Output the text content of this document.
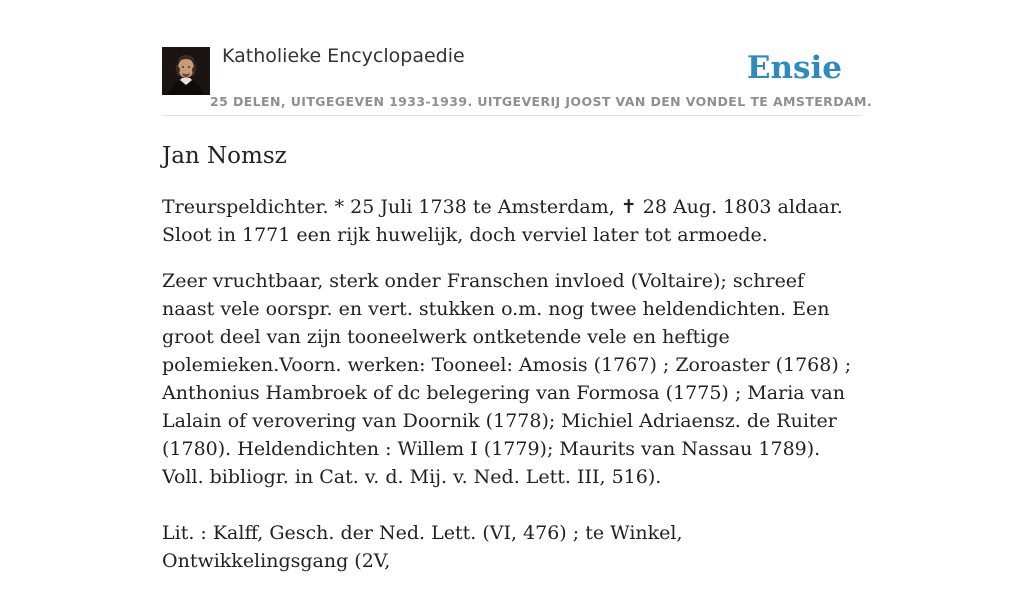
Katholieke Encyclopaedie	Ensie
25 DELEN, UITGEGEVEN 1933-1939. UITGEVERIJ JOOST VAN DEN VONDEL TE AMSTERDAM.
Jan Nomsz

Treurspeldichter. * 25 Juli 1738 te Amsterdam, ✝ 28 Aug. 1803 aldaar. Sloot in 1771 een rijk huwelijk, doch verviel later tot armoede.

Zeer vruchtbaar, sterk onder Franschen invloed (Voltaire); schreef naast vele oorspr. en vert. stukken o.m. nog twee heldendichten. Een groot deel van zijn tooneelwerk ontketende vele en heftige polemieken.Voorn. werken: Tooneel: Amosis (1767) ; Zoroaster (1768) ; Anthonius Hambroek of dc belegering van Formosa (1775) ; Maria van Lalain of verovering van Doornik (1778); Michiel Adriaensz. de Ruiter (1780). Heldendichten : Willem I (1779); Maurits van Nassau 1789). Voll. bibliogr. in Cat. v. d. Mij. v. Ned. Lett. III, 516).

Lit. : Kalff, Gesch. der Ned. Lett. (VI, 476) ; te Winkel, Ontwikkelingsgang (2V,
